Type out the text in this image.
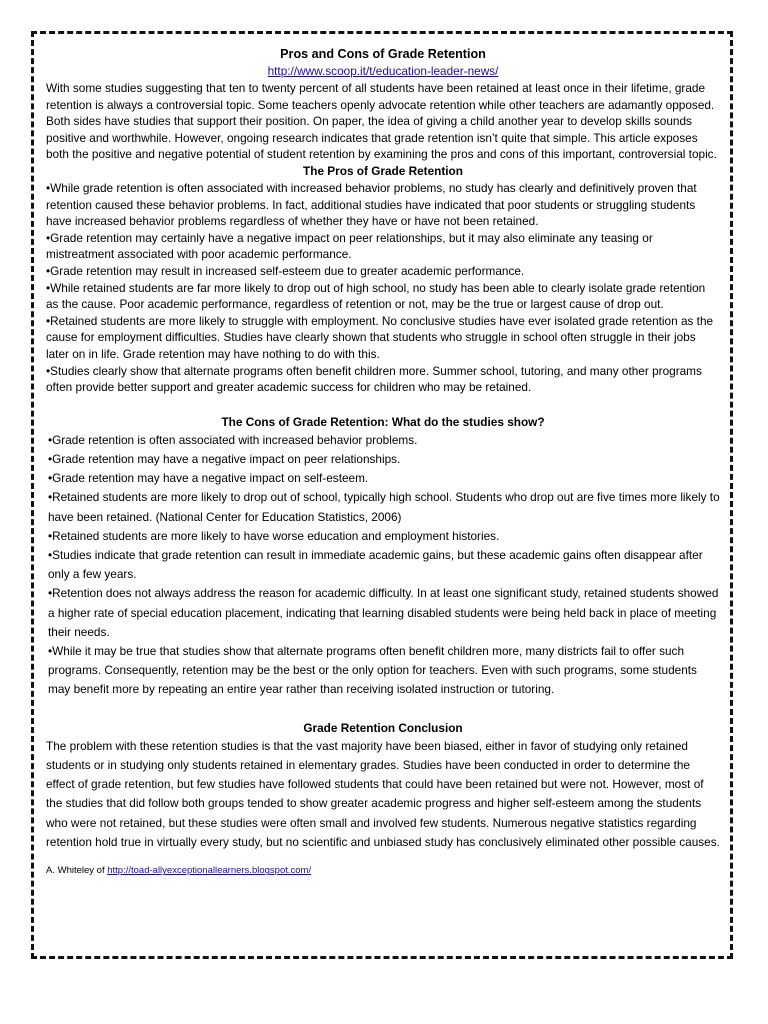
Pros and Cons of Grade Retention
http://www.scoop.it/t/education-leader-news/

With some studies suggesting that ten to twenty percent of all students have been retained at least once in their lifetime, grade retention is always a controversial topic. Some teachers openly advocate retention while other teachers are adamantly opposed. Both sides have studies that support their position. On paper, the idea of giving a child another year to develop skills sounds positive and worthwhile. However, ongoing research indicates that grade retention isn’t quite that simple. This article exposes both the positive and negative potential of student retention by examining the pros and cons of this important, controversial topic.

The Pros of Grade Retention

•While grade retention is often associated with increased behavior problems, no study has clearly and definitively proven that retention caused these behavior problems. In fact, additional studies have indicated that poor students or struggling students have increased behavior problems regardless of whether they have or have not been retained.

•Grade retention may certainly have a negative impact on peer relationships, but it may also eliminate any teasing or mistreatment associated with poor academic performance.

•Grade retention may result in increased self-esteem due to greater academic performance.

•While retained students are far more likely to drop out of high school, no study has been able to clearly isolate grade retention as the cause. Poor academic performance, regardless of retention or not, may be the true or largest cause of drop out.

•Retained students are more likely to struggle with employment. No conclusive studies have ever isolated grade retention as the cause for employment difficulties. Studies have clearly shown that students who struggle in school often struggle in their jobs later on in life. Grade retention may have nothing to do with this.

•Studies clearly show that alternate programs often benefit children more. Summer school, tutoring, and many other programs often provide better support and greater academic success for children who may be retained.

The Cons of Grade Retention: What do the studies show?

•Grade retention is often associated with increased behavior problems.

•Grade retention may have a negative impact on peer relationships.

•Grade retention may have a negative impact on self-esteem.

•Retained students are more likely to drop out of school, typically high school. Students who drop out are five times more likely to have been retained. (National Center for Education Statistics, 2006)

•Retained students are more likely to have worse education and employment histories.

•Studies indicate that grade retention can result in immediate academic gains, but these academic gains often disappear after only a few years.

•Retention does not always address the reason for academic difficulty. In at least one significant study, retained students showed a higher rate of special education placement, indicating that learning disabled students were being held back in place of meeting their needs.

•While it may be true that studies show that alternate programs often benefit children more, many districts fail to offer such programs. Consequently, retention may be the best or the only option for teachers. Even with such programs, some students may benefit more by repeating an entire year rather than receiving isolated instruction or tutoring.

Grade Retention Conclusion

The problem with these retention studies is that the vast majority have been biased, either in favor of studying only retained students or in studying only students retained in elementary grades. Studies have been conducted in order to determine the effect of grade retention, but few studies have followed students that could have been retained but were not. However, most of the studies that did follow both groups tended to show greater academic progress and higher self-esteem among the students who were not retained, but these studies were often small and involved few students. Numerous negative statistics regarding retention hold true in virtually every study, but no scientific and unbiased study has conclusively eliminated other possible causes.

A. Whiteley of http://toad-allyexceptionallearners.blogspot.com/
